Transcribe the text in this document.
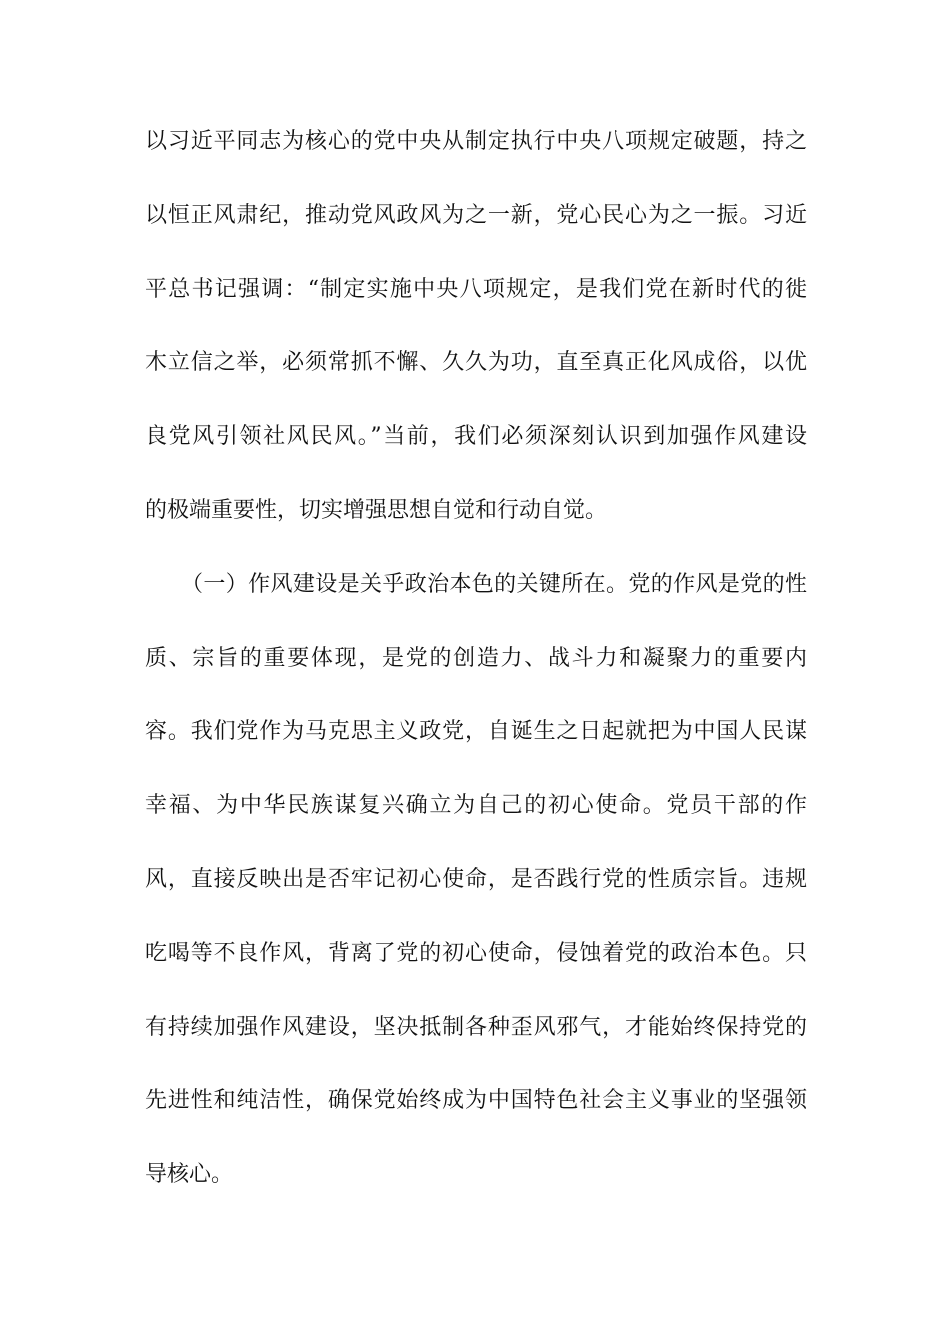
以习近平同志为核心的党中央从制定执行中央八项规定破题，持之
以恒正风肃纪，推动党风政风为之一新，党心民心为之一振。习近
平总书记强调：“制定实施中央八项规定，是我们党在新时代的徙
木立信之举，必须常抓不懈、久久为功，直至真正化风成俗，以优
良党风引领社风民风。”当前，我们必须深刻认识到加强作风建设
的极端重要性，切实增强思想自觉和行动自觉。
（一）作风建设是关乎政治本色的关键所在。党的作风是党的性
质、宗旨的重要体现，是党的创造力、战斗力和凝聚力的重要内
容。我们党作为马克思主义政党，自诞生之日起就把为中国人民谋
幸福、为中华民族谋复兴确立为自己的初心使命。党员干部的作
风，直接反映出是否牢记初心使命，是否践行党的性质宗旨。违规
吃喝等不良作风，背离了党的初心使命，侵蚀着党的政治本色。只
有持续加强作风建设，坚决抵制各种歪风邪气，才能始终保持党的
先进性和纯洁性，确保党始终成为中国特色社会主义事业的坚强领
导核心。
